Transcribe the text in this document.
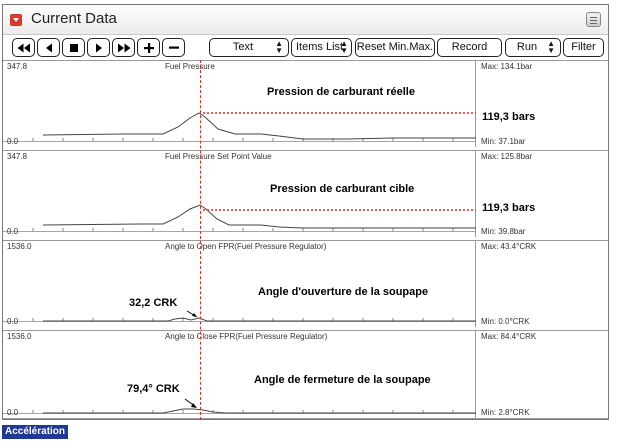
Current Data
Text	▲
▼	Items List
▲
▼ Reset Min.Max.	Record	Run ▲
▼	Filter
347.8
0.0
Fuel Pressure	Max: 134.1bar
Min: 37.1bar
Pression de carburant réelle
119,3 bars
347.8
0.0
Fuel Pressure Set Point Value	Max: 125.8bar
Min: 39.8bar
Pression de carburant cible
119,3 bars
1536.0
0.0
Angle to Open FPR(Fuel Pressure Regulator)	Max: 43.4°CRK
Min: 0.0°CRK
Angle d'ouverture de la soupape
32,2 CRK
1536.0
0.0
Angle to Close FPR(Fuel Pressure Regulator)	Max: 84.4°CRK
Min: 2.8°CRK
Angle de fermeture de la soupape
79,4° CRK
Accélération
